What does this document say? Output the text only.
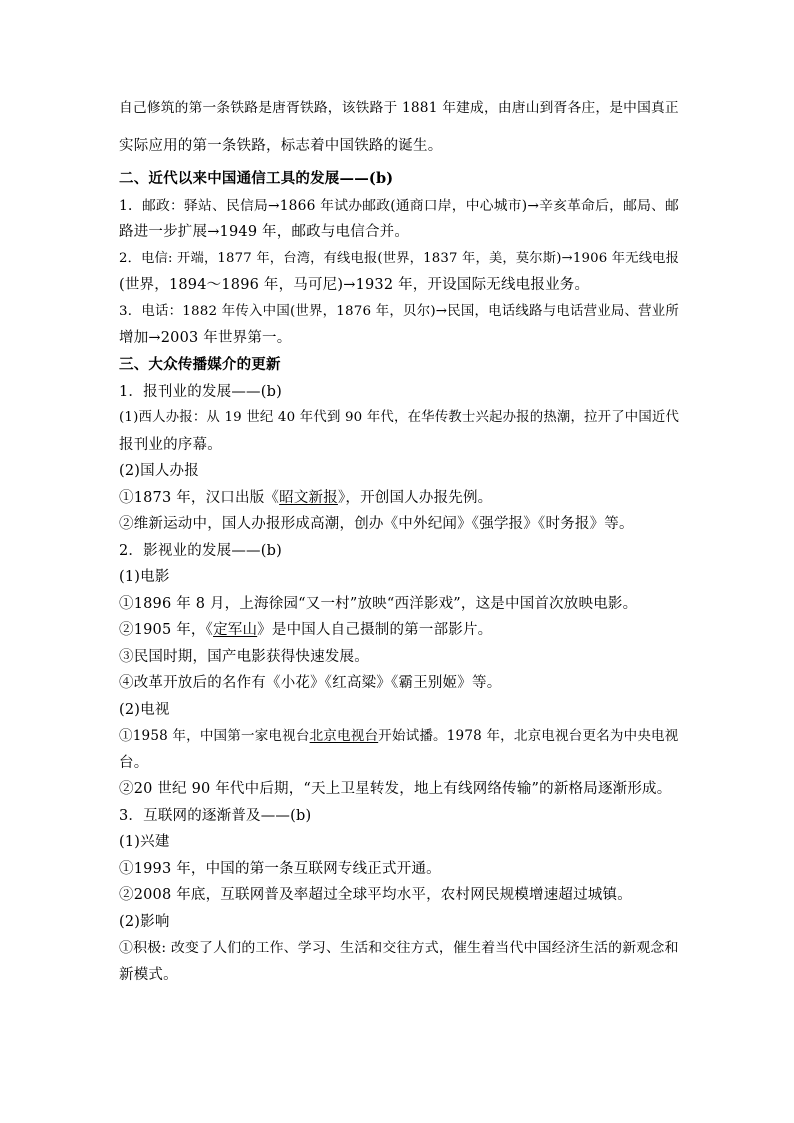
自己修筑的第一条铁路是唐胥铁路，该铁路于 1881 年建成，由唐山到胥各庄，是中国真正
实际应用的第一条铁路，标志着中国铁路的诞生。
二、近代以来中国通信工具的发展——(b)
1．邮政：驿站、民信局→1866 年试办邮政(通商口岸，中心城市)→辛亥革命后，邮局、邮
路进一步扩展→1949 年，邮政与电信合并。
2．电信: 开端，1877 年，台湾，有线电报(世界，1837 年，美，莫尔斯)→1906 年无线电报
(世界，1894～1896 年，马可尼)→1932 年，开设国际无线电报业务。
3．电话：1882 年传入中国(世界，1876 年，贝尔)→民国，电话线路与电话营业局、营业所
增加→2003 年世界第一。
三、大众传播媒介的更新
1．报刊业的发展——(b)
(1)西人办报：从 19 世纪 40 年代到 90 年代，在华传教士兴起办报的热潮，拉开了中国近代
报刊业的序幕。
(2)国人办报
①1873 年，汉口出版《昭文新报》，开创国人办报先例。
②维新运动中，国人办报形成高潮，创办《中外纪闻》《强学报》《时务报》等。
2．影视业的发展——(b)
(1)电影
①1896 年 8 月，上海徐园“又一村”放映“西洋影戏”，这是中国首次放映电影。
②1905 年，《定军山》是中国人自己摄制的第一部影片。
③民国时期，国产电影获得快速发展。
④改革开放后的名作有《小花》《红高粱》《霸王别姬》等。
(2)电视
①1958 年，中国第一家电视台北京电视台开始试播。1978 年，北京电视台更名为中央电视
台。
②20 世纪 90 年代中后期，“天上卫星转发，地上有线网络传输”的新格局逐渐形成。
3．互联网的逐渐普及——(b)
(1)兴建
①1993 年，中国的第一条互联网专线正式开通。
②2008 年底，互联网普及率超过全球平均水平，农村网民规模增速超过城镇。
(2)影响
①积极: 改变了人们的工作、学习、生活和交往方式，催生着当代中国经济生活的新观念和
新模式。
